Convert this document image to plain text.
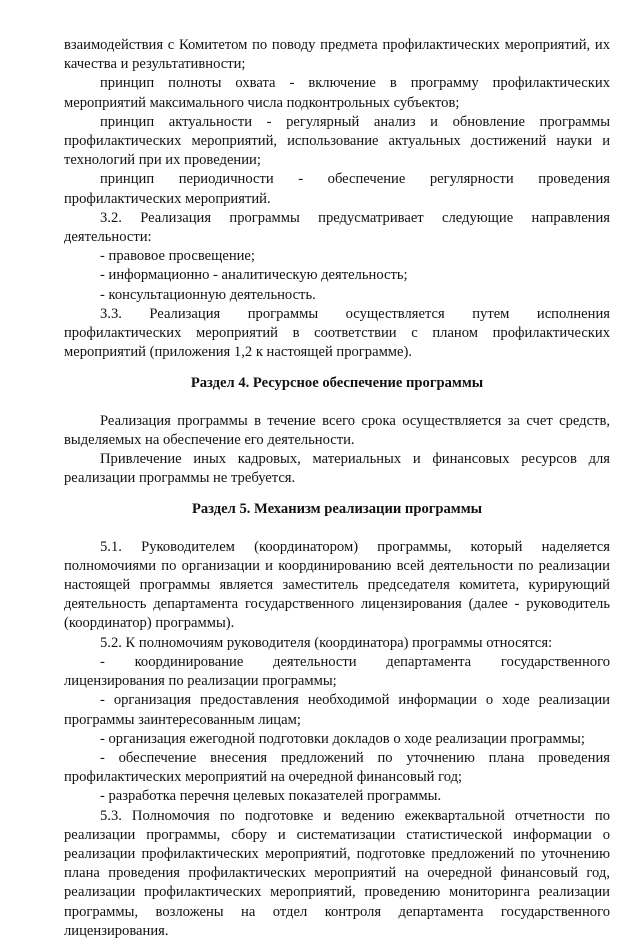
взаимодействия с Комитетом по поводу предмета профилактических мероприятий, их качества и результативности;

принцип полноты охвата - включение в программу профилактических мероприятий максимального числа подконтрольных субъектов;

принцип актуальности - регулярный анализ и обновление программы профилактических мероприятий, использование актуальных достижений науки и технологий при их проведении;

принцип периодичности - обеспечение регулярности проведения профилактических мероприятий.

3.2. Реализация программы предусматривает следующие направления деятельности:

- правовое просвещение;

- информационно - аналитическую деятельность;

- консультационную деятельность.

3.3. Реализация программы осуществляется путем исполнения профилактических мероприятий в соответствии с планом профилактических мероприятий (приложения 1,2 к настоящей программе).

Раздел 4. Ресурсное обеспечение программы

Реализация программы в течение всего срока осуществляется за счет средств, выделяемых на обеспечение его деятельности.

Привлечение иных кадровых, материальных и финансовых ресурсов для реализации программы не требуется.

Раздел 5. Механизм реализации программы

5.1. Руководителем (координатором) программы, который наделяется полномочиями по организации и координированию всей деятельности по реализации настоящей программы является заместитель председателя комитета, курирующий деятельность департамента государственного лицензирования (далее - руководитель (координатор) программы).

5.2. К полномочиям руководителя (координатора) программы относятся:

- координирование деятельности департамента государственного лицензирования по реализации программы;

- организация предоставления необходимой информации о ходе реализации программы заинтересованным лицам;

- организация ежегодной подготовки докладов о ходе реализации программы;

- обеспечение внесения предложений по уточнению плана проведения профилактических мероприятий на очередной финансовый год;

- разработка перечня целевых показателей программы.

5.3. Полномочия по подготовке и ведению ежеквартальной отчетности по реализации программы, сбору и систематизации статистической информации о реализации профилактических мероприятий, подготовке предложений по уточнению плана проведения профилактических мероприятий на очередной финансовый год, реализации профилактических мероприятий, проведению мониторинга реализации программы, возложены на отдел контроля департамента государственного лицензирования.
